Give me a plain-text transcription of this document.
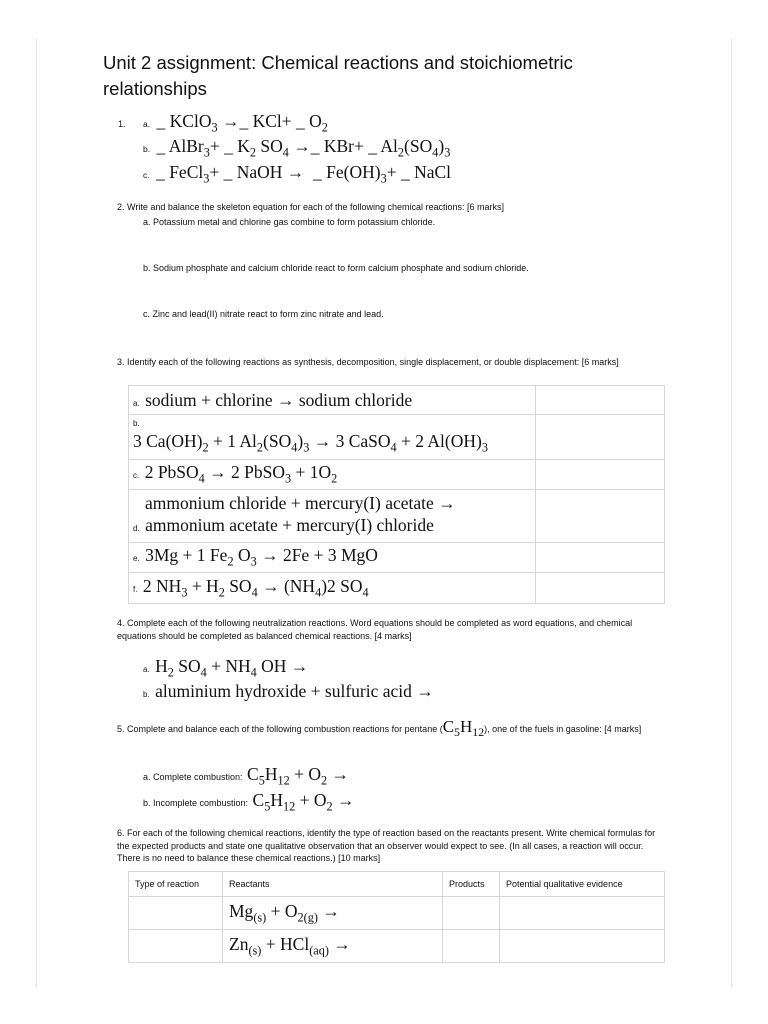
Unit 2 assignment: Chemical reactions and stoichiometric relationships
1. a. _ KClO$_3$ →_ KCl+ _ $O_2$
b. _ AlBr$_3$+ _ $K_2$ $SO_4$ →_ KBr+ _ $Al_2(SO_4)_3$
c. _ FeCl$_3$+ _ NaOH →  _ $Fe(OH)_3+$ _ NaCl
2. Write and balance the skeleton equation for each of the following chemical reactions: [6 marks]
a. Potassium metal and chlorine gas combine to form potassium chloride.
b. Sodium phosphate and calcium chloride react to form calcium phosphate and sodium chloride.
c. Zinc and lead(II) nitrate react to form zinc nitrate and lead.
3. Identify each of the following reactions as synthesis, decomposition, single displacement, or double displacement: [6 marks]
a. sodium + chlorine → sodium chloride	

b.
3 $Ca(OH)_2 + 1$ $Al_2(SO_4)_3 \to 3$ CaSO$_4$ + 2 $Al(OH)_3$

c. 2 PbSO$_4$ → 2 PbSO$_3$ + $1O_2$	

ammonium chloride + mercury(I) acetate →
d. ammonium acetate + mercury(I) chloride	

e. 3Mg + 1 $Fe_2$ $O_3 \to 2Fe + 3$ MgO	
f. 2 $NH_3 + H_2$ $SO_4 \to (NH_4)2$ $SO_4$	
4. Complete each of the following neutralization reactions. Word equations should be completed as word equations, and chemical equations should be completed as balanced chemical reactions. [4 marks]
a. $H_2$ $SO_4 + NH_4$ OH →
b. aluminium hydroxide + sulfuric acid →
5. Complete and balance each of the following combustion reactions for pentane $(C_5H_{12})$, one of the fuels in gasoline: [4 marks]
a. Complete combustion: $C_5H_{12} + O_2$ →
b. Incomplete combustion: $C_5H_{12} + O_2$ →
6. For each of the following chemical reactions, identify the type of reaction based on the reactants present. Write chemical formulas for the expected products and state one qualitative observation that an observer would expect to see. (In all cases, a reaction will occur. There is no need to balance these chemical reactions.) [10 marks]
Type of reaction	Reactants	Products	Potential qualitative evidence
	$Mg_{(s)} + O_{2(g)}$ →		
	$Zn_{(s)} + HCl_{(aq)}$ →		
